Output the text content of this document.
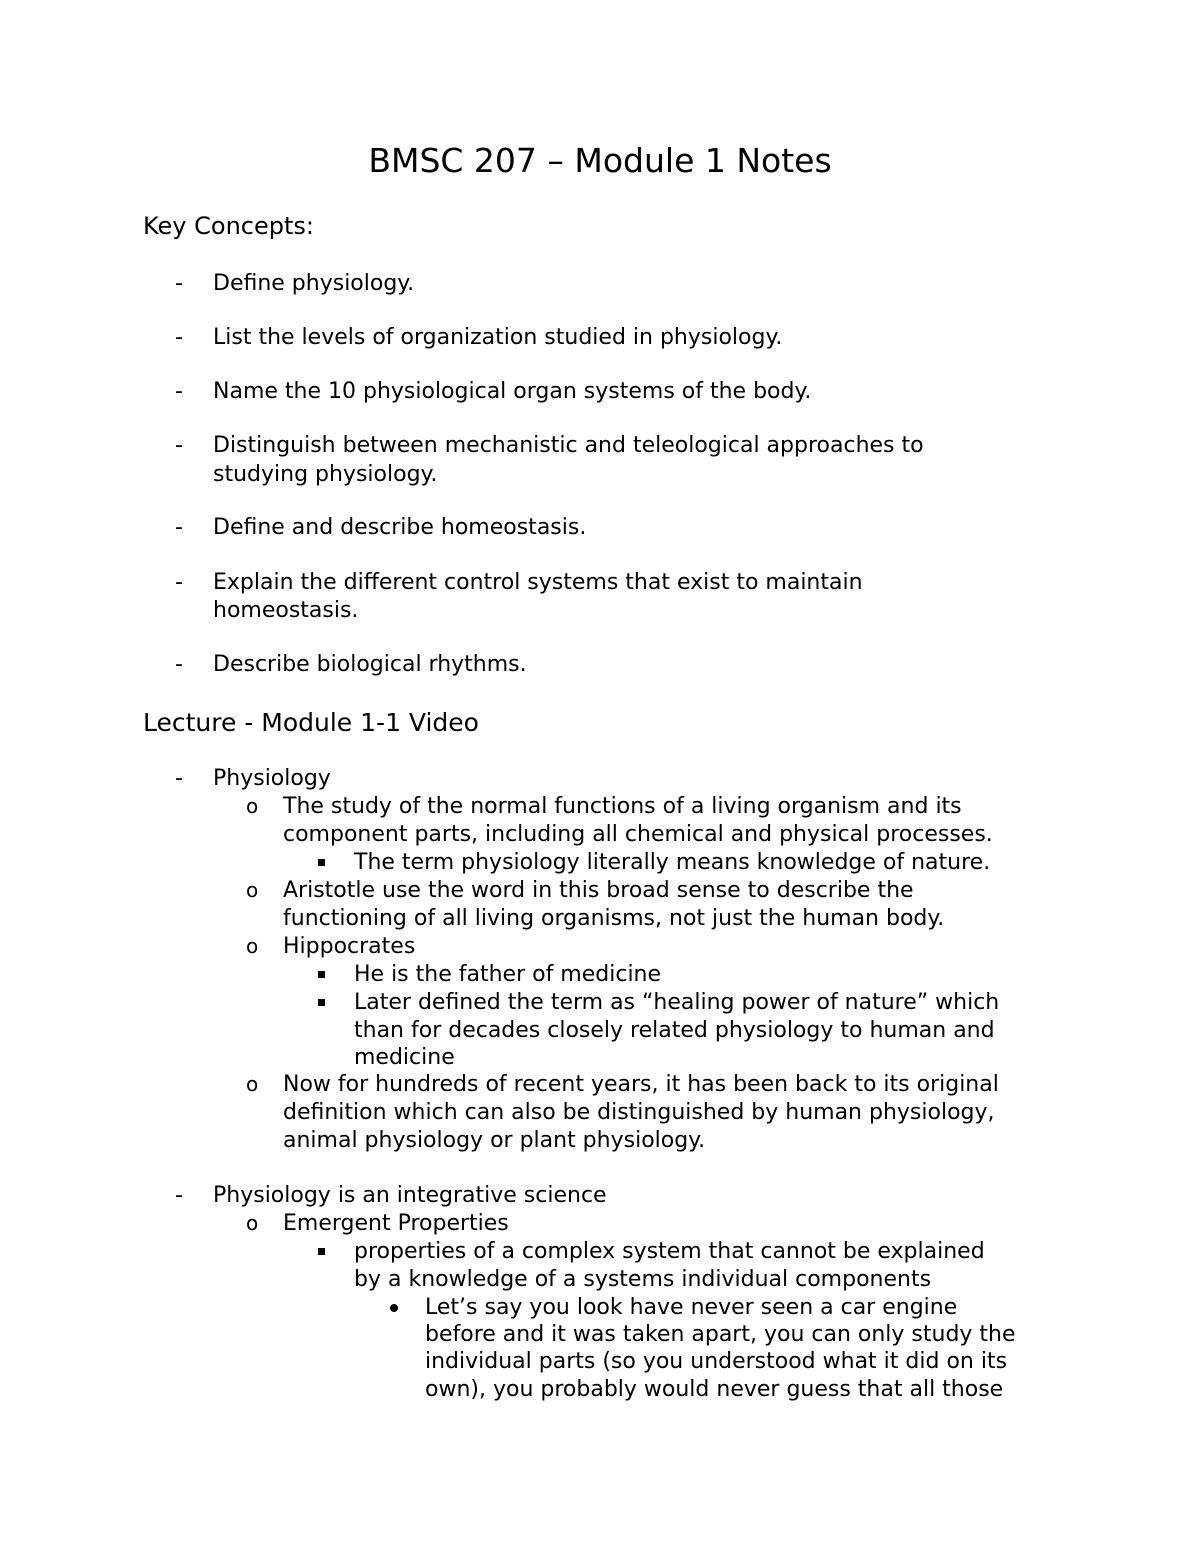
BMSC 207 – Module 1 Notes
Key Concepts:
- Define physiology.
- List the levels of organization studied in physiology.
- Name the 10 physiological organ systems of the body.
- Distinguish between mechanistic and teleological approaches to
studying physiology.
- Define and describe homeostasis.
- Explain the different control systems that exist to maintain
homeostasis.
- Describe biological rhythms.
Lecture - Module 1-1 Video
- Physiology
o The study of the normal functions of a living organism and its
component parts, including all chemical and physical processes.
The term physiology literally means knowledge of nature.
o Aristotle use the word in this broad sense to describe the
functioning of all living organisms, not just the human body.
o Hippocrates
He is the father of medicine
Later defined the term as “healing power of nature” which
than for decades closely related physiology to human and
medicine
o Now for hundreds of recent years, it has been back to its original
definition which can also be distinguished by human physiology,
animal physiology or plant physiology.
- Physiology is an integrative science
o Emergent Properties
properties of a complex system that cannot be explained
by a knowledge of a systems individual components
Let’s say you look have never seen a car engine
before and it was taken apart, you can only study the
individual parts (so you understood what it did on its
own), you probably would never guess that all those
